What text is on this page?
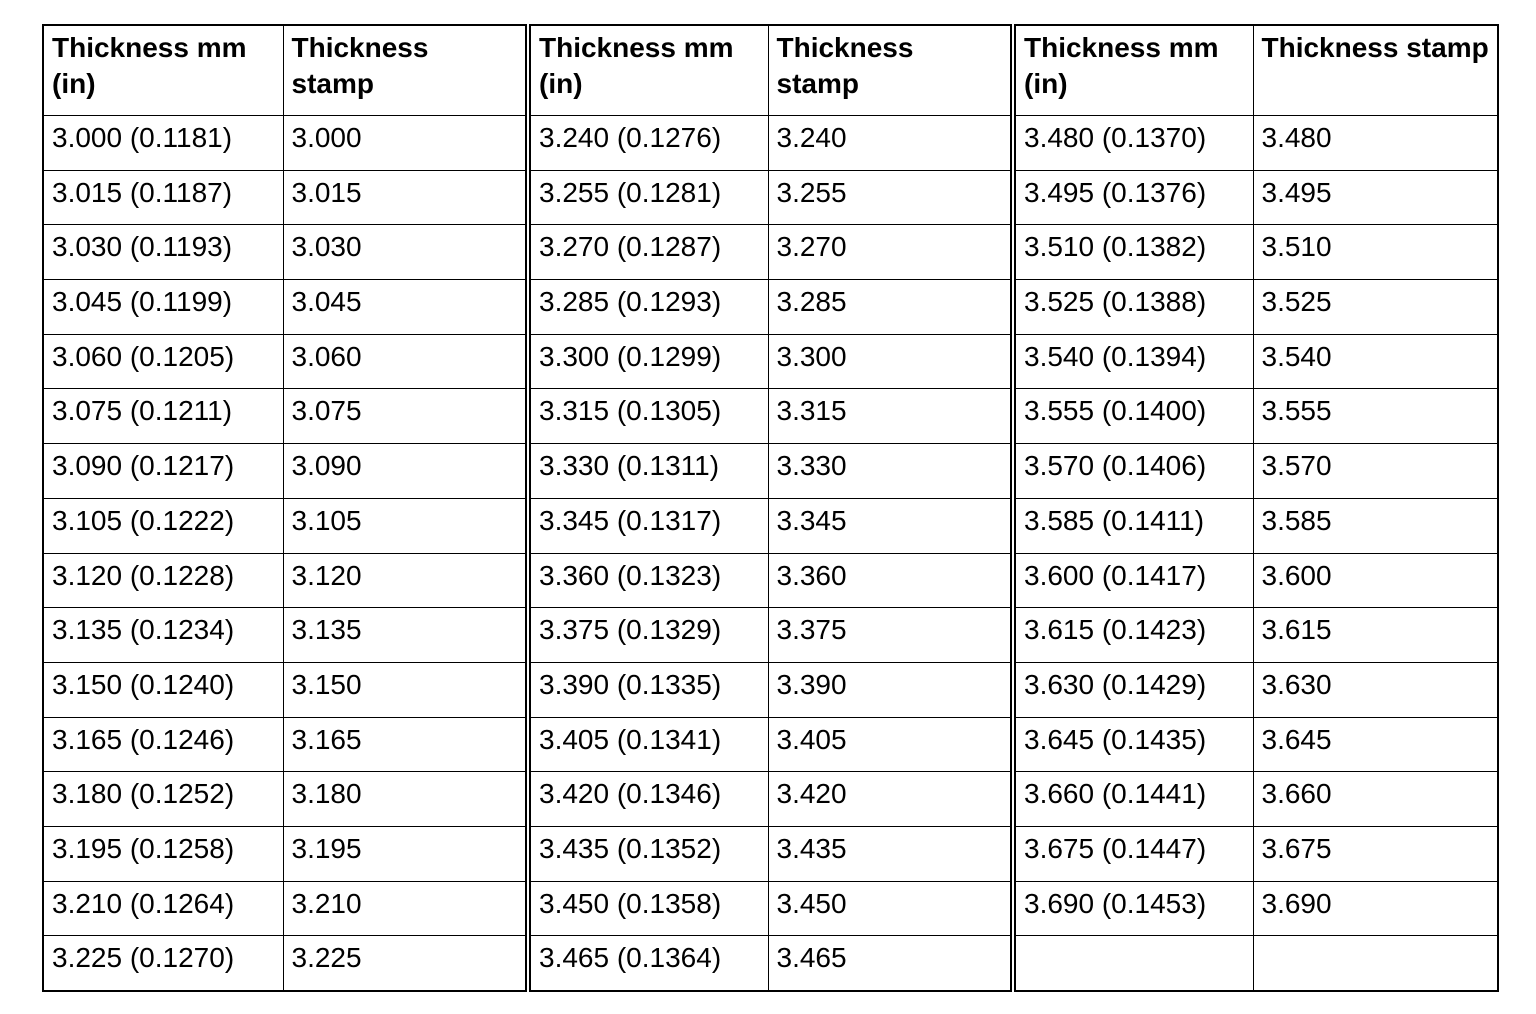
Thickness mm (in)	Thickness stamp	Thickness mm (in)	Thickness stamp	Thickness mm (in)	Thickness stamp
3.000 (0.1181)	3.000	3.240 (0.1276)	3.240	3.480 (0.1370)	3.480
3.015 (0.1187)	3.015	3.255 (0.1281)	3.255	3.495 (0.1376)	3.495
3.030 (0.1193)	3.030	3.270 (0.1287)	3.270	3.510 (0.1382)	3.510
3.045 (0.1199)	3.045	3.285 (0.1293)	3.285	3.525 (0.1388)	3.525
3.060 (0.1205)	3.060	3.300 (0.1299)	3.300	3.540 (0.1394)	3.540
3.075 (0.1211)	3.075	3.315 (0.1305)	3.315	3.555 (0.1400)	3.555
3.090 (0.1217)	3.090	3.330 (0.1311)	3.330	3.570 (0.1406)	3.570
3.105 (0.1222)	3.105	3.345 (0.1317)	3.345	3.585 (0.1411)	3.585
3.120 (0.1228)	3.120	3.360 (0.1323)	3.360	3.600 (0.1417)	3.600
3.135 (0.1234)	3.135	3.375 (0.1329)	3.375	3.615 (0.1423)	3.615
3.150 (0.1240)	3.150	3.390 (0.1335)	3.390	3.630 (0.1429)	3.630
3.165 (0.1246)	3.165	3.405 (0.1341)	3.405	3.645 (0.1435)	3.645
3.180 (0.1252)	3.180	3.420 (0.1346)	3.420	3.660 (0.1441)	3.660
3.195 (0.1258)	3.195	3.435 (0.1352)	3.435	3.675 (0.1447)	3.675
3.210 (0.1264)	3.210	3.450 (0.1358)	3.450	3.690 (0.1453)	3.690
3.225 (0.1270)	3.225	3.465 (0.1364)	3.465		
